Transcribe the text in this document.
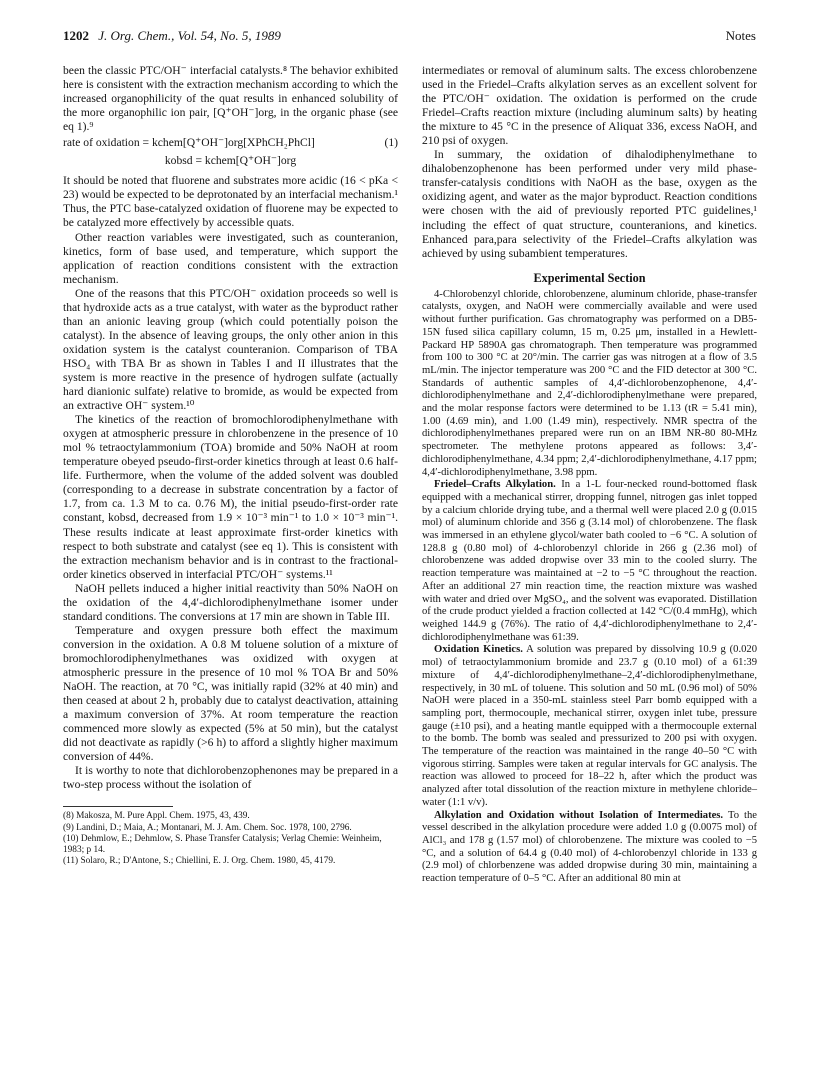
1202 J. Org. Chem., Vol. 54, No. 5, 1989	Notes

been the classic PTC/OH⁻ interfacial catalysts.⁸ The behavior exhibited here is consistent with the extraction mechanism according to which the increased organophilicity of the quat results in enhanced solubility of the more organophilic ion pair, [Q⁺OH⁻]org, in the organic phase (see eq 1).⁹

rate of oxidation = kchem[Q⁺OH⁻]org[XPhCH₂PhCl]	(1)
kobsd = kchem[Q⁺OH⁻]org

It should be noted that fluorene and substrates more acidic (16 < pKa < 23) would be expected to be deprotonated by an interfacial mechanism.¹ Thus, the PTC base-catalyzed oxidation of fluorene may be expected to be catalyzed more effectively by accessible quats.

Other reaction variables were investigated, such as counteranion, kinetics, form of base used, and temperature, which support the application of reaction conditions consistent with the extraction mechanism.

One of the reasons that this PTC/OH⁻ oxidation proceeds so well is that hydroxide acts as a true catalyst, with water as the byproduct rather than an anionic leaving group (which could potentially poison the catalyst). In the absence of leaving groups, the only other anion in this oxidation system is the catalyst counteranion. Comparison of TBA HSO₄ with TBA Br as shown in Tables I and II illustrates that the system is more reactive in the presence of hydrogen sulfate (actually hard dianionic sulfate) relative to bromide, as would be expected from an extractive OH⁻ system.¹⁰

The kinetics of the reaction of bromochlorodiphenylmethane with oxygen at atmospheric pressure in chlorobenzene in the presence of 10 mol % tetraoctylammonium (TOA) bromide and 50% NaOH at room temperature obeyed pseudo-first-order kinetics through at least 0.6 half-life. Furthermore, when the volume of the added solvent was doubled (corresponding to a decrease in substrate concentration by a factor of 1.7, from ca. 1.3 M to ca. 0.76 M), the initial pseudo-first-order rate constant, kobsd, decreased from 1.9 × 10⁻³ min⁻¹ to 1.0 × 10⁻³ min⁻¹. These results indicate at least approximate first-order kinetics with respect to both substrate and catalyst (see eq 1). This is consistent with the extraction mechanism behavior and is in contrast to the fractional-order kinetics observed in interfacial PTC/OH⁻ systems.¹¹

NaOH pellets induced a higher initial reactivity than 50% NaOH on the oxidation of the 4,4′-dichlorodiphenylmethane isomer under standard conditions. The conversions at 17 min are shown in Table III.

Temperature and oxygen pressure both effect the maximum conversion in the oxidation. A 0.8 M toluene solution of a mixture of bromochlorodiphenylmethanes was oxidized with oxygen at atmospheric pressure in the presence of 10 mol % TOA Br and 50% NaOH. The reaction, at 70 °C, was initially rapid (32% at 40 min) and then ceased at about 2 h, probably due to catalyst deactivation, attaining a maximum conversion of 37%. At room temperature the reaction commenced more slowly as expected (5% at 50 min), but the catalyst did not deactivate as rapidly (>6 h) to afford a slightly higher maximum conversion of 44%.

It is worthy to note that dichlorobenzophenones may be prepared in a two-step process without the isolation of

(8) Makosza, M. Pure Appl. Chem. 1975, 43, 439.

(9) Landini, D.; Maia, A.; Montanari, M. J. Am. Chem. Soc. 1978, 100, 2796.

(10) Dehmlow, E.; Dehmlow, S. Phase Transfer Catalysis; Verlag Chemie: Weinheim, 1983; p 14.

(11) Solaro, R.; D'Antone, S.; Chiellini, E. J. Org. Chem. 1980, 45, 4179.

intermediates or removal of aluminum salts. The excess chlorobenzene used in the Friedel–Crafts alkylation serves as an excellent solvent for the PTC/OH⁻ oxidation. The oxidation is performed on the crude Friedel–Crafts reaction mixture (including aluminum salts) by heating the mixture to 45 °C in the presence of Aliquat 336, excess NaOH, and 210 psi of oxygen.

In summary, the oxidation of dihalodiphenylmethane to dihalobenzophenone has been performed under very mild phase-transfer-catalysis conditions with NaOH as the base, oxygen as the oxidizing agent, and water as the major byproduct. Reaction conditions were chosen with the aid of previously reported PTC guidelines,¹ including the effect of quat structure, counteranions, and kinetics. Enhanced para,para selectivity of the Friedel–Crafts alkylation was achieved by using subambient temperatures.

Experimental Section

4-Chlorobenzyl chloride, chlorobenzene, aluminum chloride, phase-transfer catalysts, oxygen, and NaOH were commercially available and were used without further purification. Gas chromatography was performed on a DB5-15N fused silica capillary column, 15 m, 0.25 μm, installed in a Hewlett-Packard HP 5890A gas chromatograph. Then temperature was programmed from 100 to 300 °C at 20°/min. The carrier gas was nitrogen at a flow of 3.5 mL/min. The injector temperature was 200 °C and the FID detector at 300 °C. Standards of authentic samples of 4,4′-dichlorobenzophenone, 4,4′-dichlorodiphenylmethane and 2,4′-dichlorodiphenylmethane were prepared, and the molar response factors were determined to be 1.13 (tR = 5.41 min), 1.00 (4.69 min), and 1.00 (1.49 min), respectively. NMR spectra of the dichlorodiphenylmethanes prepared were run on an IBM NR-80 80-MHz spectrometer. The methylene protons appeared as follows: 3,4′-dichlorodiphenylmethane, 4.34 ppm; 2,4′-dichlorodiphenylmethane, 4.17 ppm; 4,4′-dichlorodiphenylmethane, 3.98 ppm.

Friedel–Crafts Alkylation. In a 1-L four-necked round-bottomed flask equipped with a mechanical stirrer, dropping funnel, nitrogen gas inlet topped by a calcium chloride drying tube, and a thermal well were placed 2.0 g (0.015 mol) of aluminum chloride and 356 g (3.14 mol) of chlorobenzene. The flask was immersed in an ethylene glycol/water bath cooled to −6 °C. A solution of 128.8 g (0.80 mol) of 4-chlorobenzyl chloride in 266 g (2.36 mol) of chlorobenzene was added dropwise over 33 min to the cooled slurry. The reaction temperature was maintained at −2 to −5 °C throughout the reaction. After an additional 27 min reaction time, the reaction mixture was washed with water and dried over MgSO₄, and the solvent was evaporated. Distillation of the crude product yielded a fraction collected at 142 °C/(0.4 mmHg), which weighed 144.9 g (76%). The ratio of 4,4′-dichlorodiphenylmethane to 2,4′-dichlorodiphenylmethane was 61:39.

Oxidation Kinetics. A solution was prepared by dissolving 10.9 g (0.020 mol) of tetraoctylammonium bromide and 23.7 g (0.10 mol) of a 61:39 mixture of 4,4′-dichlorodiphenylmethane–2,4′-dichlorodiphenylmethane, respectively, in 30 mL of toluene. This solution and 50 mL (0.96 mol) of 50% NaOH were placed in a 350-mL stainless steel Parr bomb equipped with a sampling port, thermocouple, mechanical stirrer, oxygen inlet tube, pressure gauge (±10 psi), and a heating mantle equipped with a thermocouple external to the bomb. The bomb was sealed and pressurized to 200 psi with oxygen. The temperature of the reaction was maintained in the range 40–50 °C with vigorous stirring. Samples were taken at regular intervals for GC analysis. The reaction was allowed to proceed for 18–22 h, after which the product was analyzed after total dissolution of the reaction mixture in methylene chloride–water (1:1 v/v).

Alkylation and Oxidation without Isolation of Intermediates. To the vessel described in the alkylation procedure were added 1.0 g (0.0075 mol) of AlCl₃ and 178 g (1.57 mol) of chlorobenzene. The mixture was cooled to −5 °C, and a solution of 64.4 g (0.40 mol) of 4-chlorobenzyl chloride in 133 g (2.9 mol) of chlorbenzene was added dropwise during 30 min, maintaining a reaction temperature of 0–5 °C. After an additional 80 min at
